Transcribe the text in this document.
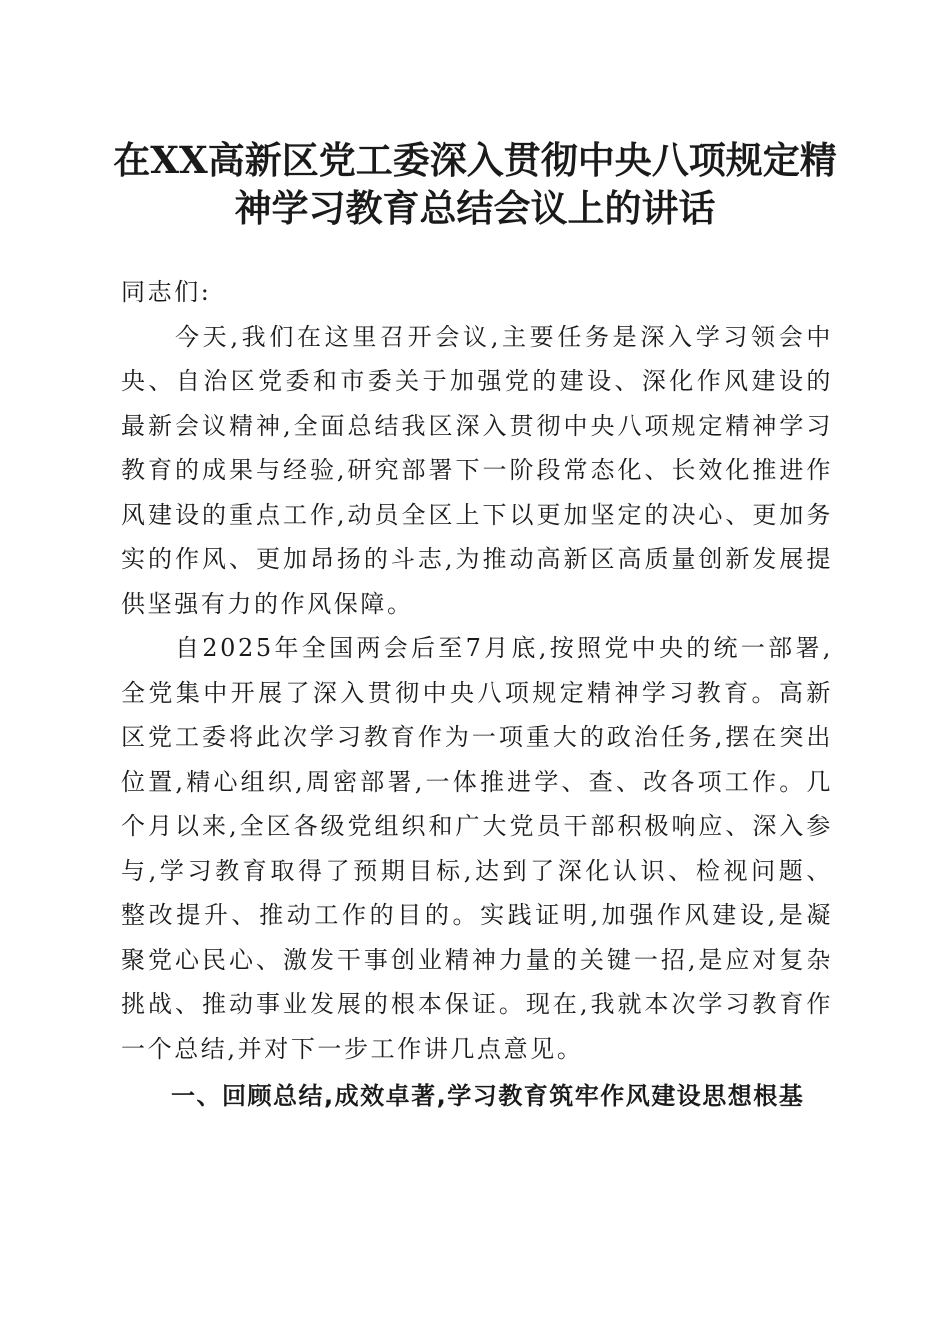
在XX高新区党工委深入贯彻中央八项规定精神学习教育总结会议上的讲话

同志们:

今天,我们在这里召开会议,主要任务是深入学习领会中央、自治区党委和市委关于加强党的建设、深化作风建设的最新会议精神,全面总结我区深入贯彻中央八项规定精神学习教育的成果与经验,研究部署下一阶段常态化、长效化推进作风建设的重点工作,动员全区上下以更加坚定的决心、更加务实的作风、更加昂扬的斗志,为推动高新区高质量创新发展提供坚强有力的作风保障。

自2025年全国两会后至7月底,按照党中央的统一部署,全党集中开展了深入贯彻中央八项规定精神学习教育。高新区党工委将此次学习教育作为一项重大的政治任务,摆在突出位置,精心组织,周密部署,一体推进学、查、改各项工作。几个月以来,全区各级党组织和广大党员干部积极响应、深入参与,学习教育取得了预期目标,达到了深化认识、检视问题、整改提升、推动工作的目的。实践证明,加强作风建设,是凝聚党心民心、激发干事创业精神力量的关键一招,是应对复杂挑战、推动事业发展的根本保证。现在,我就本次学习教育作一个总结,并对下一步工作讲几点意见。

一、回顾总结,成效卓著,学习教育筑牢作风建设思想根基
